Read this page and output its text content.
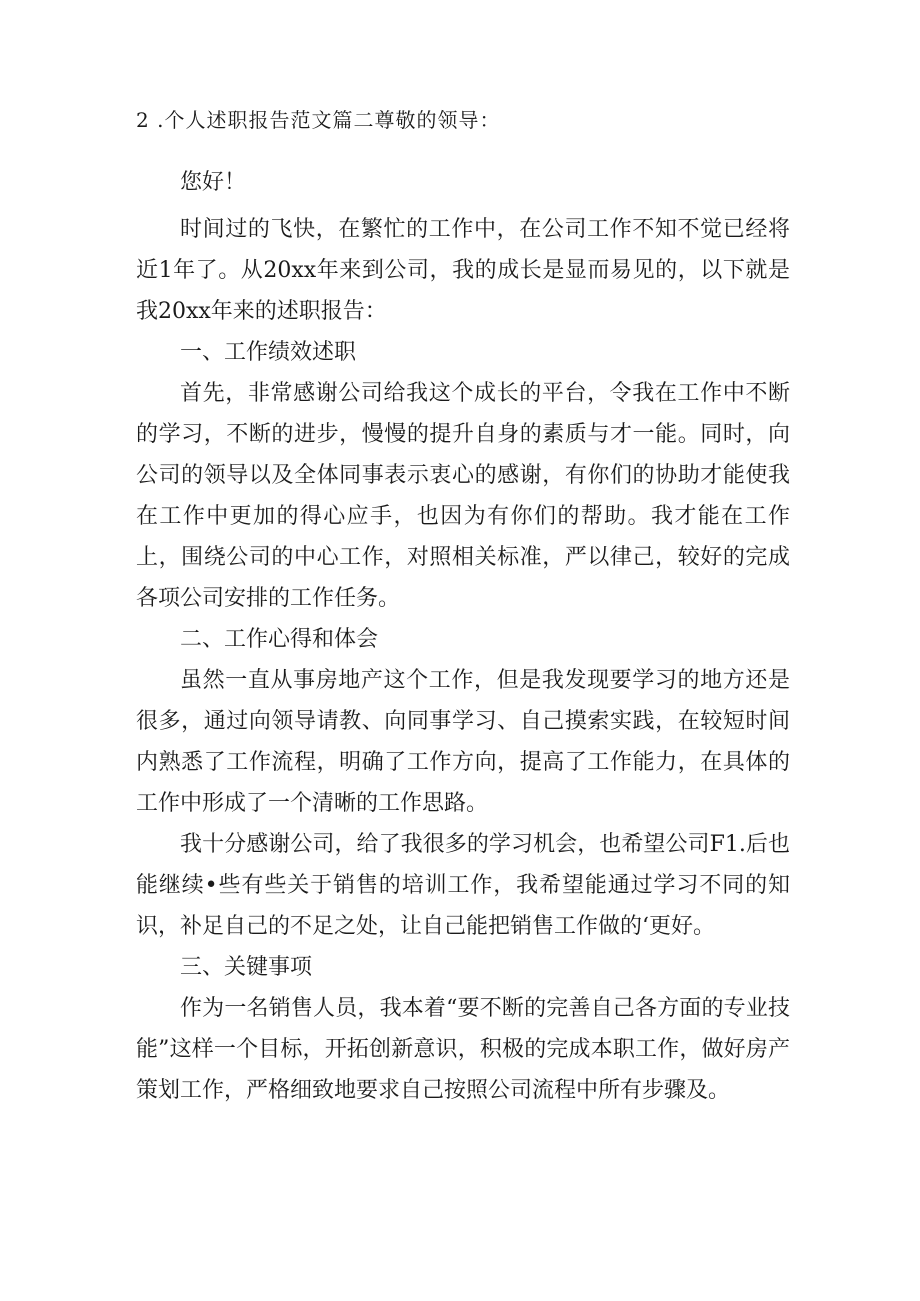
2 .个人述职报告范文篇二尊敬的领导：

您好！

时间过的飞快，在繁忙的工作中，在公司工作不知不觉已经将近1年了。从20xx年来到公司，我的成长是显而易见的，以下就是我20xx年来的述职报告：

一、工作绩效述职

首先，非常感谢公司给我这个成长的平台，令我在工作中不断的学习，不断的进步，慢慢的提升自身的素质与才一能。同时，向公司的领导以及全体同事表示衷心的感谢，有你们的协助才能使我在工作中更加的得心应手，也因为有你们的帮助。我才能在工作上，围绕公司的中心工作，对照相关标准，严以律己，较好的完成各项公司安排的工作任务。

二、工作心得和体会

虽然一直从事房地产这个工作，但是我发现要学习的地方还是很多，通过向领导请教、向同事学习、自己摸索实践，在较短时间内熟悉了工作流程，明确了工作方向，提高了工作能力，在具体的工作中形成了一个清晰的工作思路。

我十分感谢公司，给了我很多的学习机会，也希望公司F1.后也能继续•些有些关于销售的培训工作，我希望能通过学习不同的知识，补足自己的不足之处，让自己能把销售工作做的‘更好。

三、关键事项

作为一名销售人员，我本着“要不断的完善自己各方面的专业技能”这样一个目标，开拓创新意识，积极的完成本职工作，做好房产策划工作，严格细致地要求自己按照公司流程中所有步骤及。
